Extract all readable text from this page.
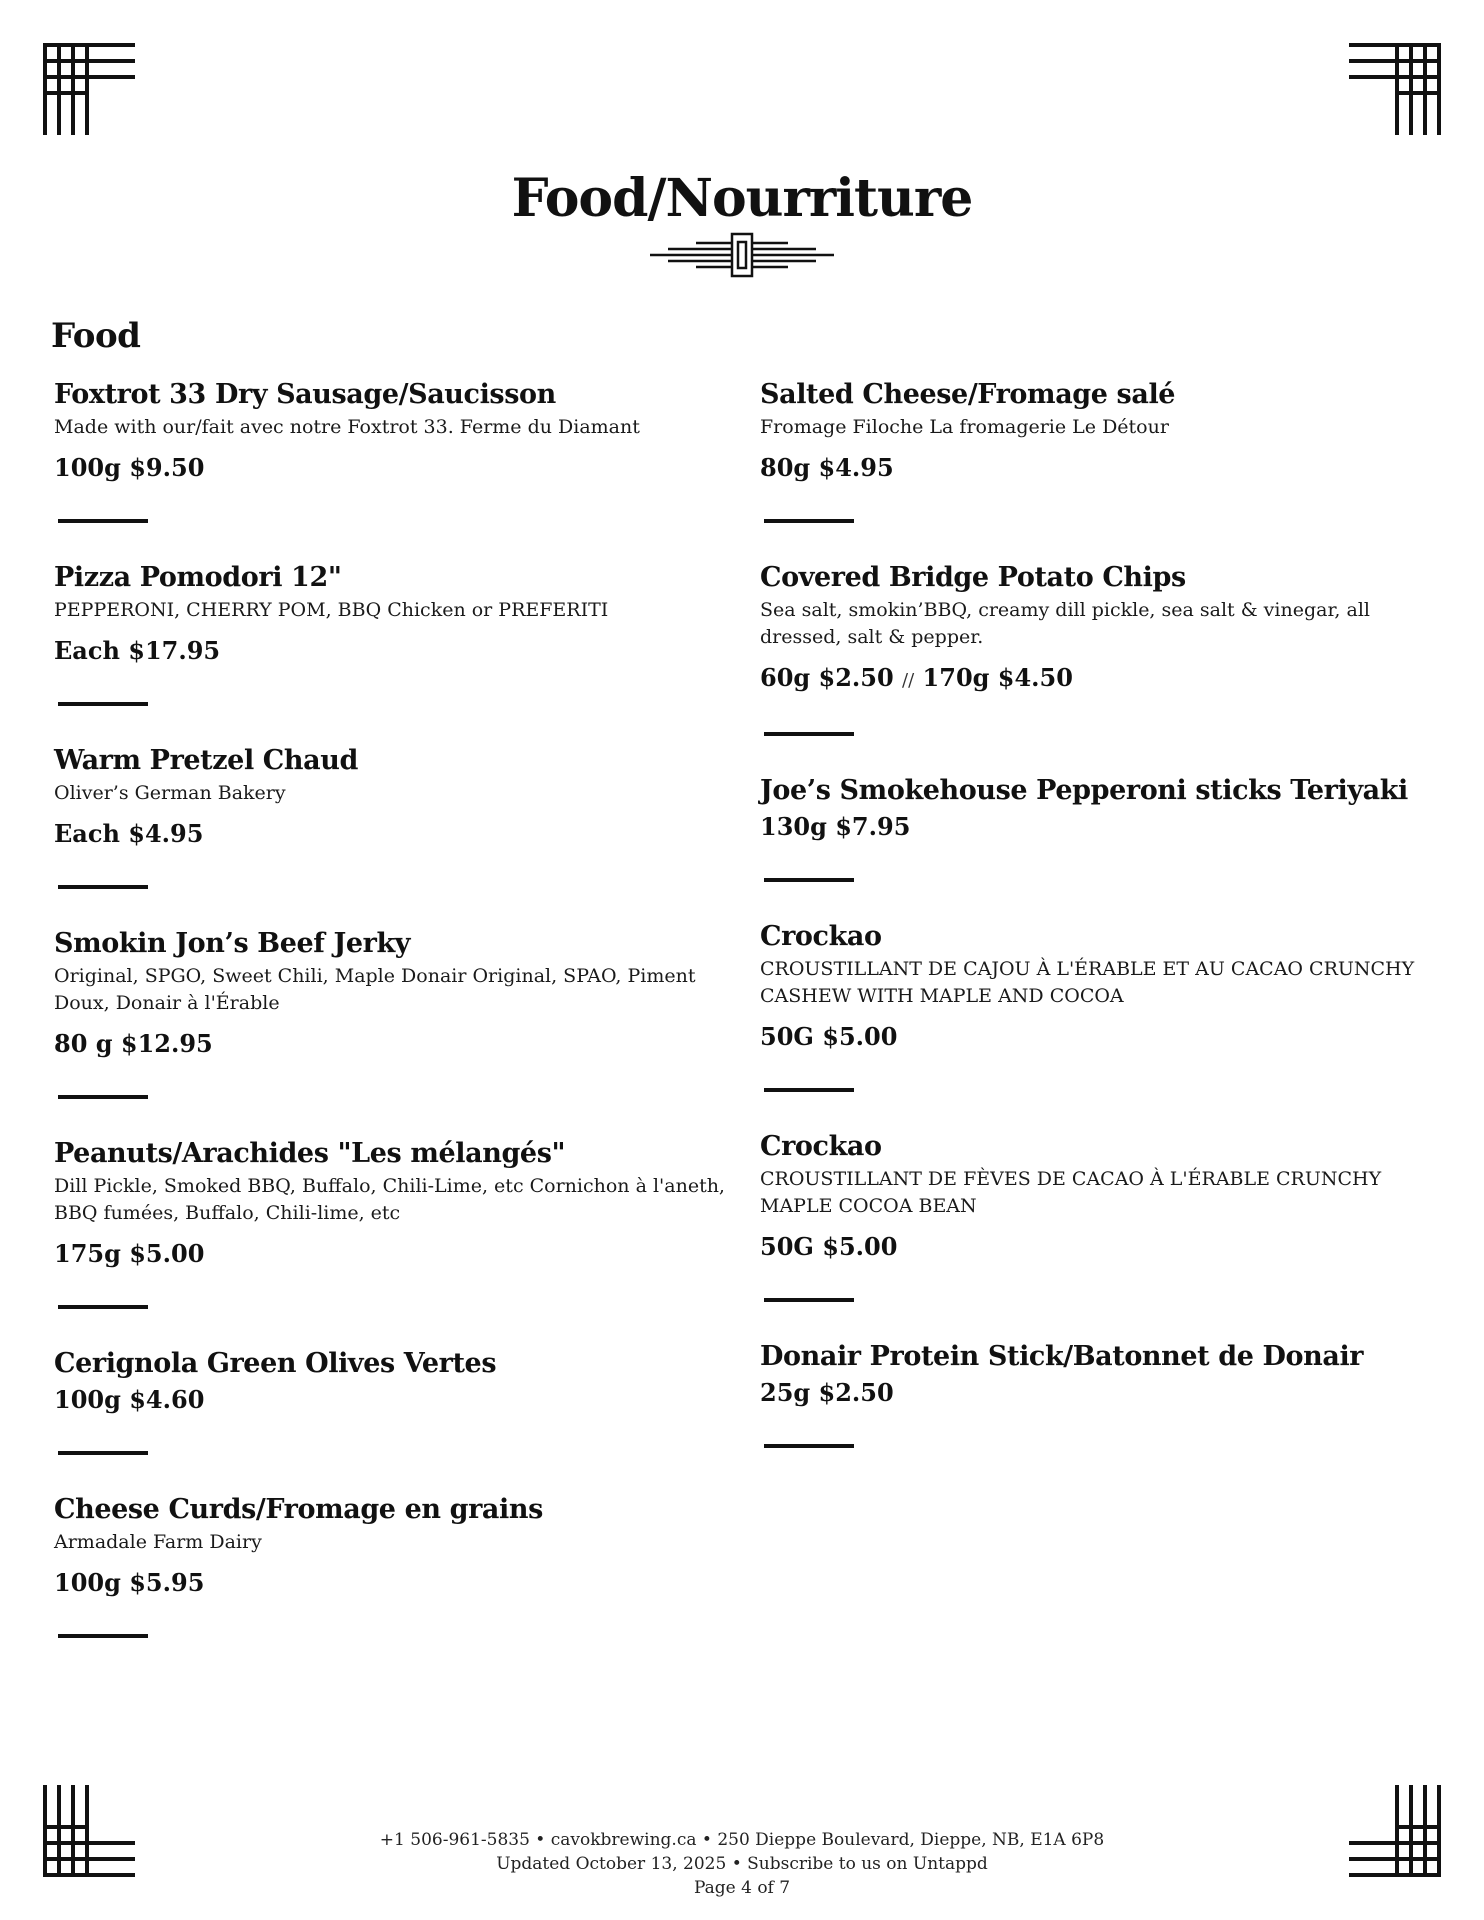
Food/Nourriture
Food
Foxtrot 33 Dry Sausage/Saucisson
Made with our/fait avec notre Foxtrot 33. Ferme du Diamant
100g $9.50
Pizza Pomodori 12"
PEPPERONI, CHERRY POM, BBQ Chicken or PREFERITI
Each $17.95
Warm Pretzel Chaud
Oliver’s German Bakery
Each $4.95
Smokin Jon’s Beef Jerky
Original, SPGO, Sweet Chili, Maple Donair Original, SPAO, Piment Doux, Donair à l'Érable
80 g $12.95
Peanuts/Arachides "Les mélangés"
Dill Pickle, Smoked BBQ, Buffalo, Chili-Lime, etc Cornichon à l'aneth, BBQ fumées, Buffalo, Chili-lime, etc
175g $5.00
Cerignola Green Olives Vertes
100g $4.60
Cheese Curds/Fromage en grains
Armadale Farm Dairy
100g $5.95
Salted Cheese/Fromage salé
Fromage Filoche La fromagerie Le Détour
80g $4.95
Covered Bridge Potato Chips
Sea salt, smokin’BBQ, creamy dill pickle, sea salt & vinegar, all dressed, salt & pepper.
60g $2.50 // 170g $4.50
Joe’s Smokehouse Pepperoni sticks Teriyaki
130g $7.95
Crockao
CROUSTILLANT DE CAJOU À L'ÉRABLE ET AU CACAO CRUNCHY CASHEW WITH MAPLE AND COCOA
50G $5.00
Crockao
CROUSTILLANT DE FÈVES DE CACAO À L'ÉRABLE CRUNCHY MAPLE COCOA BEAN
50G $5.00
Donair Protein Stick/Batonnet de Donair
25g $2.50
+1 506-961-5835 • cavokbrewing.ca • 250 Dieppe Boulevard, Dieppe, NB, E1A 6P8
Updated October 13, 2025 • Subscribe to us on Untappd
Page 4 of 7
